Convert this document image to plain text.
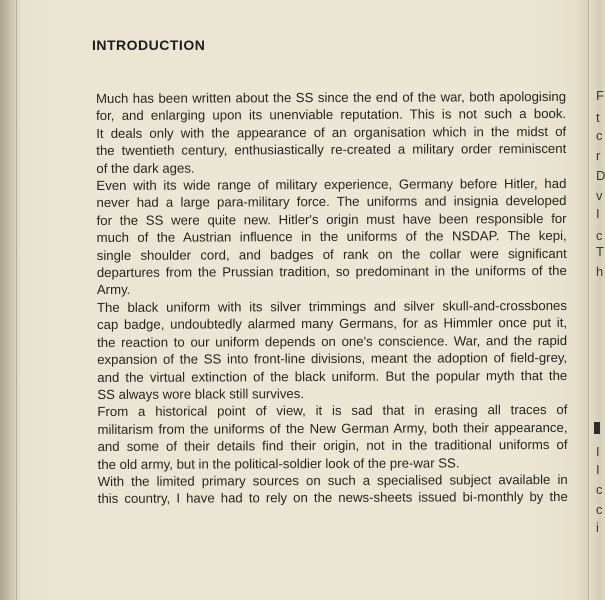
INTRODUCTION
Much has been written about the SS since the end of the war, both apologising
for, and enlarging upon its unenviable reputation. This is not such a book.
It deals only with the appearance of an organisation which in the midst of
the twentieth century, enthusiastically re-created a military order reminiscent
of the dark ages.
Even with its wide range of military experience, Germany before Hitler, had
never had a large para-military force. The uniforms and insignia developed
for the SS were quite new. Hitler's origin must have been responsible for
much of the Austrian influence in the uniforms of the NSDAP. The kepi,
single shoulder cord, and badges of rank on the collar were significant
departures from the Prussian tradition, so predominant in the uniforms of the
Army.
The black uniform with its silver trimmings and silver skull-and-crossbones
cap badge, undoubtedly alarmed many Germans, for as Himmler once put it,
the reaction to our uniform depends on one's conscience. War, and the rapid
expansion of the SS into front-line divisions, meant the adoption of field-grey,
and the virtual extinction of the black uniform. But the popular myth that the
SS always wore black still survives.
From a historical point of view, it is sad that in erasing all traces of
militarism from the uniforms of the New German Army, both their appearance,
and some of their details find their origin, not in the traditional uniforms of
the old army, but in the political-soldier look of the pre-war SS.
With the limited primary sources on such a specialised subject available in
this country, I have had to rely on the news-sheets issued bi-monthly by the
F
t
c
r
D
v
I
c
T
h
I
I
c
c
i
